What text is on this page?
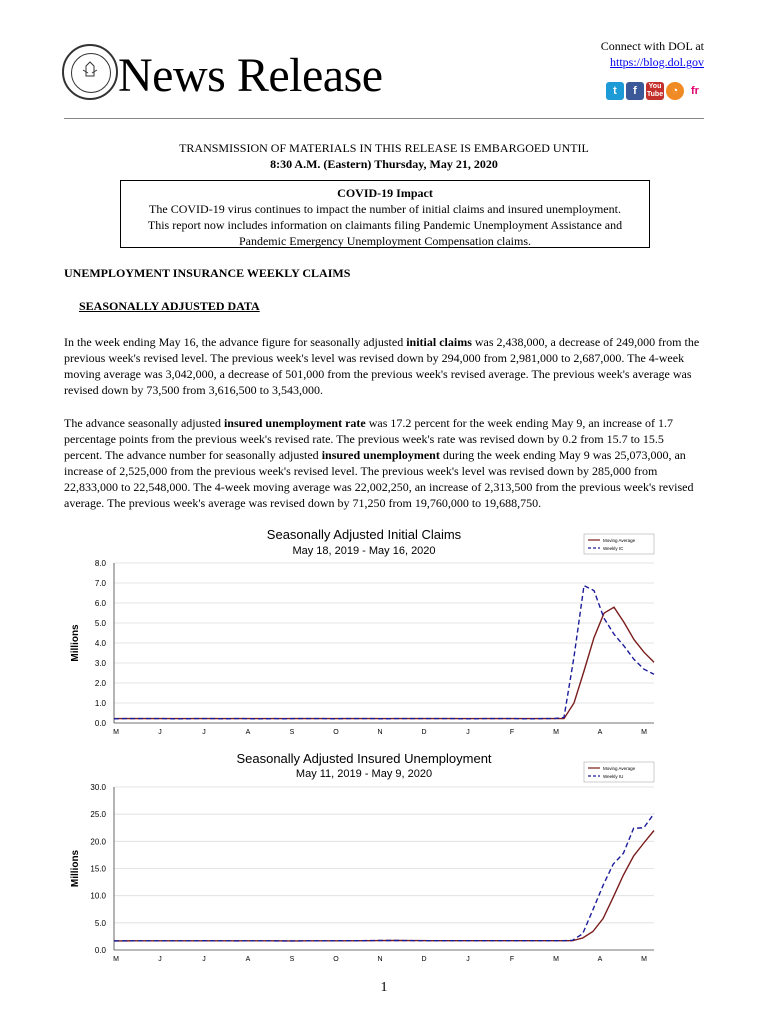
News Release
Connect with DOL at
https://blog.dol.gov
t	f	You
Tube ◔	fr
TRANSMISSION OF MATERIALS IN THIS RELEASE IS EMBARGOED UNTIL
8:30 A.M. (Eastern) Thursday, May 21, 2020
COVID-19 Impact
The COVID-19 virus continues to impact the number of initial claims and insured unemployment.
This report now includes information on claimants filing Pandemic Unemployment Assistance and
Pandemic Emergency Unemployment Compensation claims.
UNEMPLOYMENT INSURANCE WEEKLY CLAIMS
SEASONALLY ADJUSTED DATA
In the week ending May 16, the advance figure for seasonally adjusted initial claims was 2,438,000, a decrease of 249,000 from the previous week's revised level. The previous week's level was revised down by 294,000 from 2,981,000 to 2,687,000. The 4-week moving average was 3,042,000, a decrease of 501,000 from the previous week's revised average. The previous week's average was revised down by 73,500 from 3,616,500 to 3,543,000.
The advance seasonally adjusted insured unemployment rate was 17.2 percent for the week ending May 9, an increase of 1.7 percentage points from the previous week's revised rate. The previous week's rate was revised down by 0.2 from 15.7 to 15.5 percent. The advance number for seasonally adjusted insured unemployment during the week ending May 9 was 25,073,000, an increase of 2,525,000 from the previous week's revised level. The previous week's level was revised down by 285,000 from 22,833,000 to 22,548,000. The 4-week moving average was 22,002,250, an increase of 2,313,500 from the previous week's revised average. The previous week's average was revised down by 71,250 from 19,760,000 to 19,688,750.
Seasonally Adjusted Initial Claims
May 18, 2019 - May 16, 2020
0.0
1.0
2.0
3.0
4.0
5.0
6.0
7.0
8.0
Millions
M	J	J	A	S	O	N	D	J	F	M	A	M
Moving Average
Weekly IC
Seasonally Adjusted Insured Unemployment
May 11, 2019 - May 9, 2020
0.0
5.0
10.0
15.0
20.0
25.0
30.0
Millions
M	J	J	A	S	O	N	D	J	F	M	A	M
Moving Average
Weekly IU
1
